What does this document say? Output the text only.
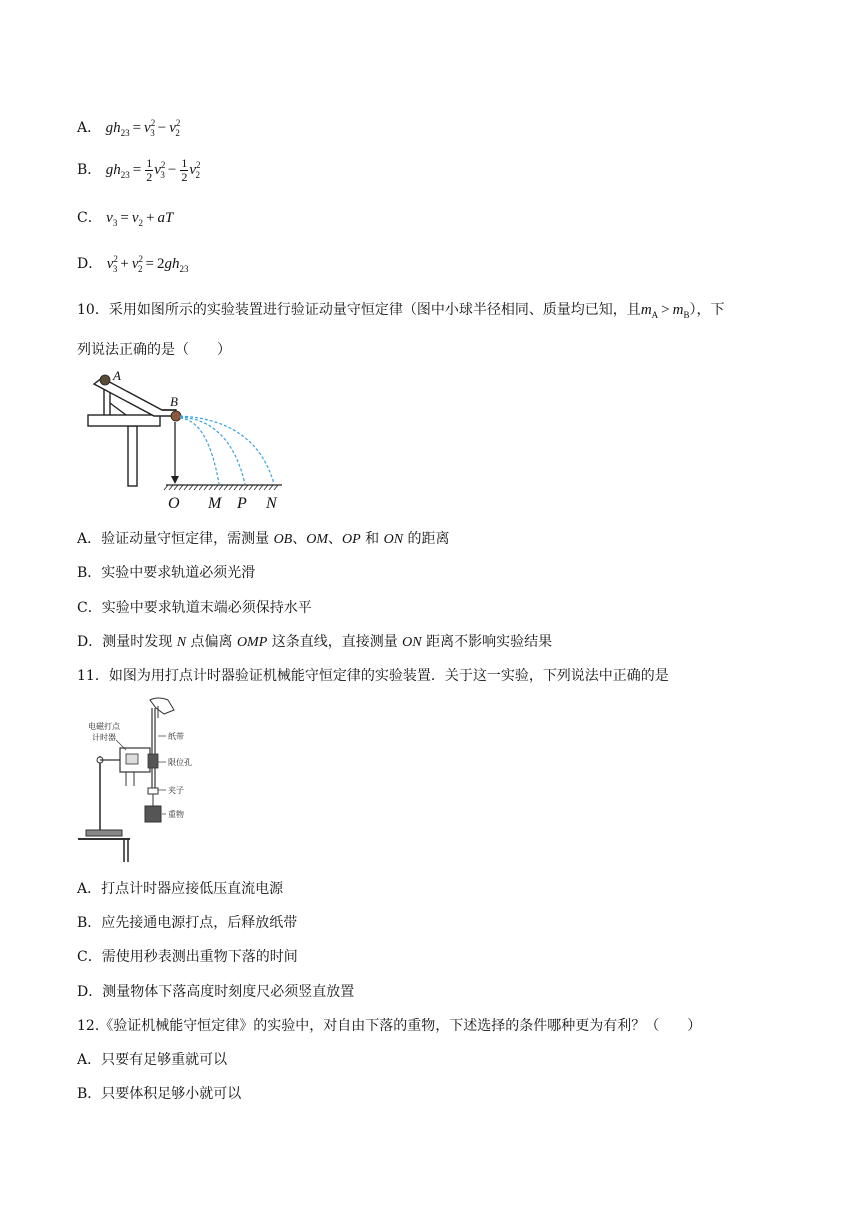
A． $gh_{23} = v^2_3 - v^2_2$
B． $gh_{23} = \frac{1}{2} v^2_3 - \frac{1}{2} v^2_2$
C． $v_3 = v_2$ + aT
D． $v^2_3 + v^2_2 = 2gh_{23}$
10．采用如图所示的实验装置进行验证动量守恒定律（图中小球半径相同、质量均已知，且$m_A > m_B$），下
列说法正确的是（　　）
A
B
O M P N
A．验证动量守恒定律，需测量 OB、OM、OP 和 ON 的距离
B．实验中要求轨道必须光滑
C．实验中要求轨道末端必须保持水平
D．测量时发现 N 点偏离 OMP 这条直线，直接测量 ON 距离不影响实验结果
11．如图为用打点计时器验证机械能守恒定律的实验装置．关于这一实验，下列说法中正确的是
电磁打点
计时器	纸带
限位孔
夹子
重物
A．打点计时器应接低压直流电源
B．应先接通电源打点，后释放纸带
C．需使用秒表测出重物下落的时间
D．测量物体下落高度时刻度尺必须竖直放置
12.《验证机械能守恒定律》的实验中，对自由下落的重物，下述选择的条件哪种更为有利？（　　）
A．只要有足够重就可以
B．只要体积足够小就可以
